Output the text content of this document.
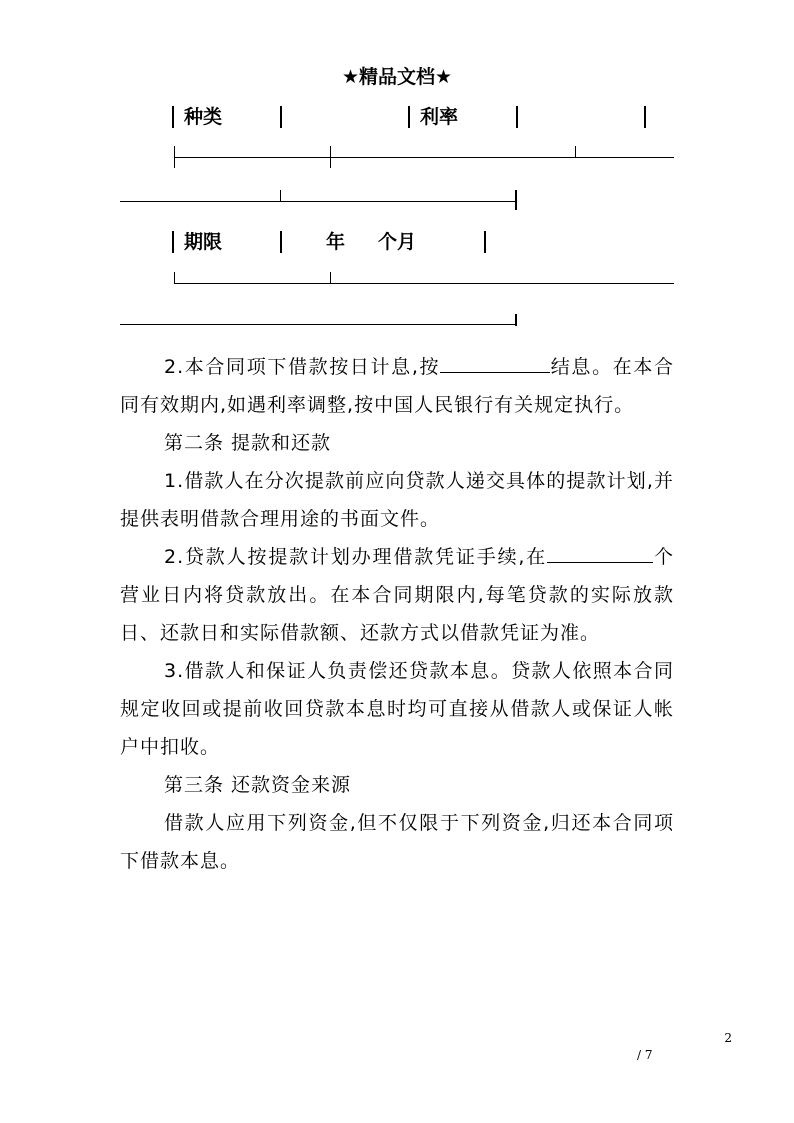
★精品文档★
种类	利率
期限	年 个月

2.本合同项下借款按日计息,按	结息。在本合同有效期内,如遇利率调整,按中国人民银行有关规定执行。

第二条 提款和还款

1.借款人在分次提款前应向贷款人递交具体的提款计划,并提供表明借款合理用途的书面文件。

2.贷款人按提款计划办理借款凭证手续,在	个营业日内将贷款放出。在本合同期限内,每笔贷款的实际放款日、还款日和实际借款额、还款方式以借款凭证为准。

3.借款人和保证人负责偿还贷款本息。贷款人依照本合同规定收回或提前收回贷款本息时均可直接从借款人或保证人帐户中扣收。

第三条 还款资金来源

借款人应用下列资金,但不仅限于下列资金,归还本合同项下借款本息。

2
/ 7
